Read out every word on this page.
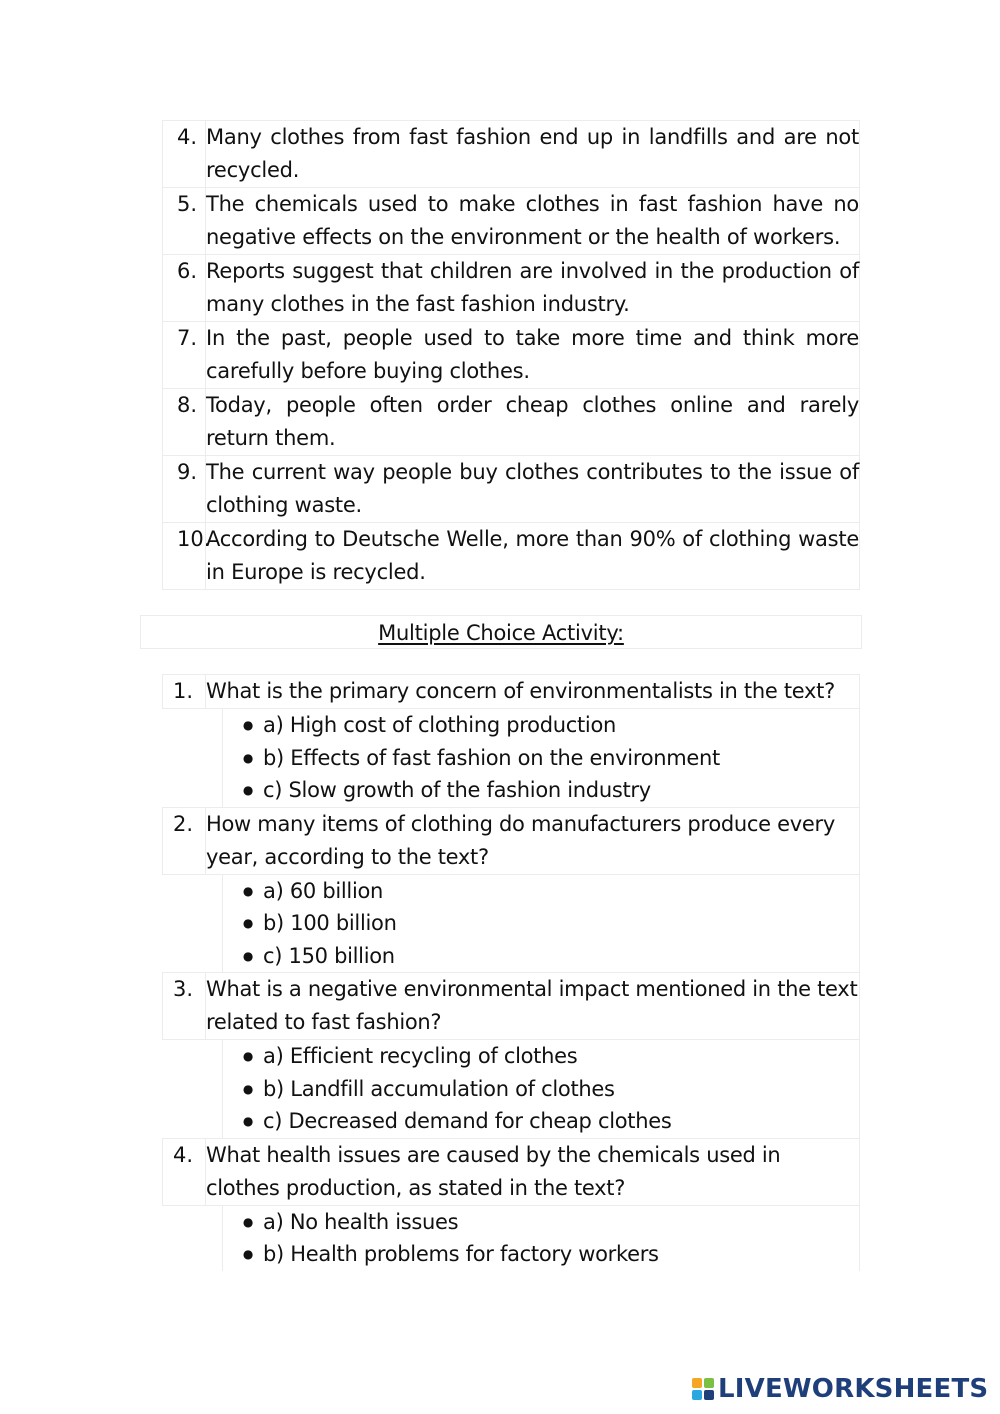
4. Many clothes from fast fashion end up in landfills and are not recycled.
5. The chemicals used to make clothes in fast fashion have no negative effects on the environment or the health of workers.
6. Reports suggest that children are involved in the production of many clothes in the fast fashion industry.
7. In the past, people used to take more time and think more carefully before buying clothes.
8. Today, people often order cheap clothes online and rarely return them.
9. The current way people buy clothes contributes to the issue of clothing waste.
10.
According to Deutsche Welle, more than 90% of clothing waste in Europe is recycled.
Multiple Choice Activity:
1. What is the primary concern of environmentalists in the text?
● a) High cost of clothing production
● b) Effects of fast fashion on the environment
● c) Slow growth of the fashion industry
2. How many items of clothing do manufacturers produce every year, according to the text?
● a) 60 billion
● b) 100 billion
● c) 150 billion
3. What is a negative environmental impact mentioned in the text related to fast fashion?
● a) Efficient recycling of clothes
● b) Landfill accumulation of clothes
● c) Decreased demand for cheap clothes
4. What health issues are caused by the chemicals used in clothes production, as stated in the text?
● a) No health issues
● b) Health problems for factory workers
LIVEWORKSHEETS
